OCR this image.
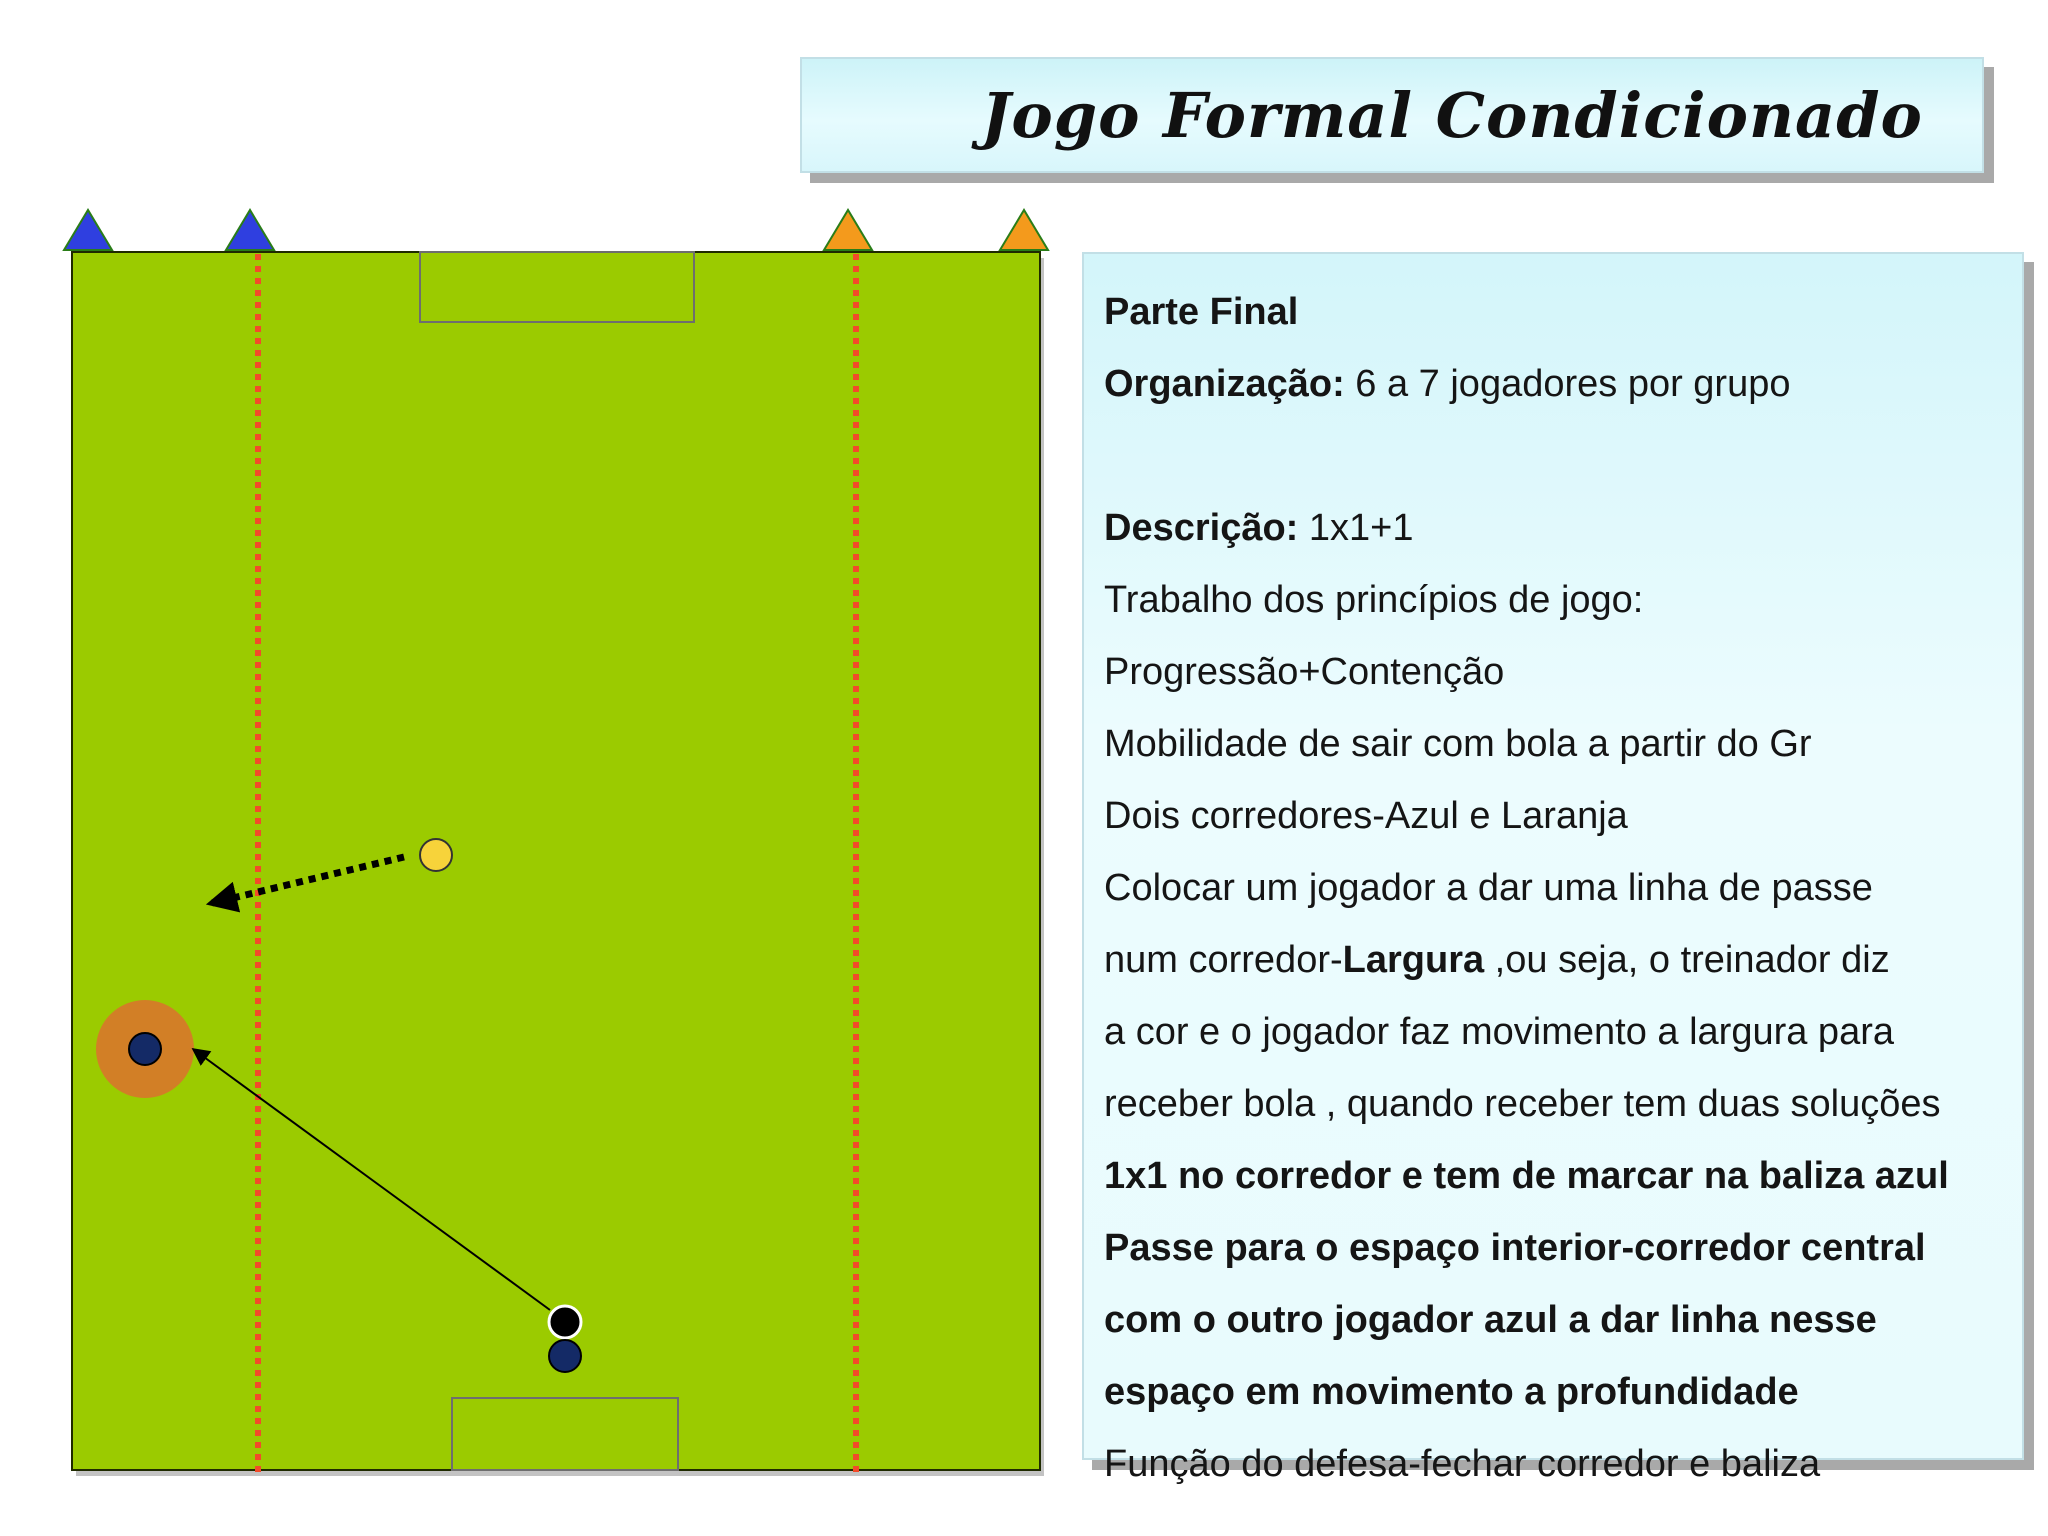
Jogo Formal Condicionado
Parte Final
Organização: 6 a 7 jogadores por grupo
Descrição: 1x1+1
Trabalho dos princípios de jogo:
Progressão+Contenção
Mobilidade de sair com bola a partir do Gr
Dois corredores-Azul e Laranja
Colocar um jogador a dar uma linha de passe
num corredor-Largura ,ou seja, o treinador diz
a cor e o jogador faz movimento a largura para
receber bola , quando receber tem duas soluções
1x1 no corredor e tem de marcar na baliza azul
Passe para o espaço interior-corredor central
com o outro jogador azul a dar linha nesse
espaço em movimento a profundidade
Função do defesa-fechar corredor e baliza
